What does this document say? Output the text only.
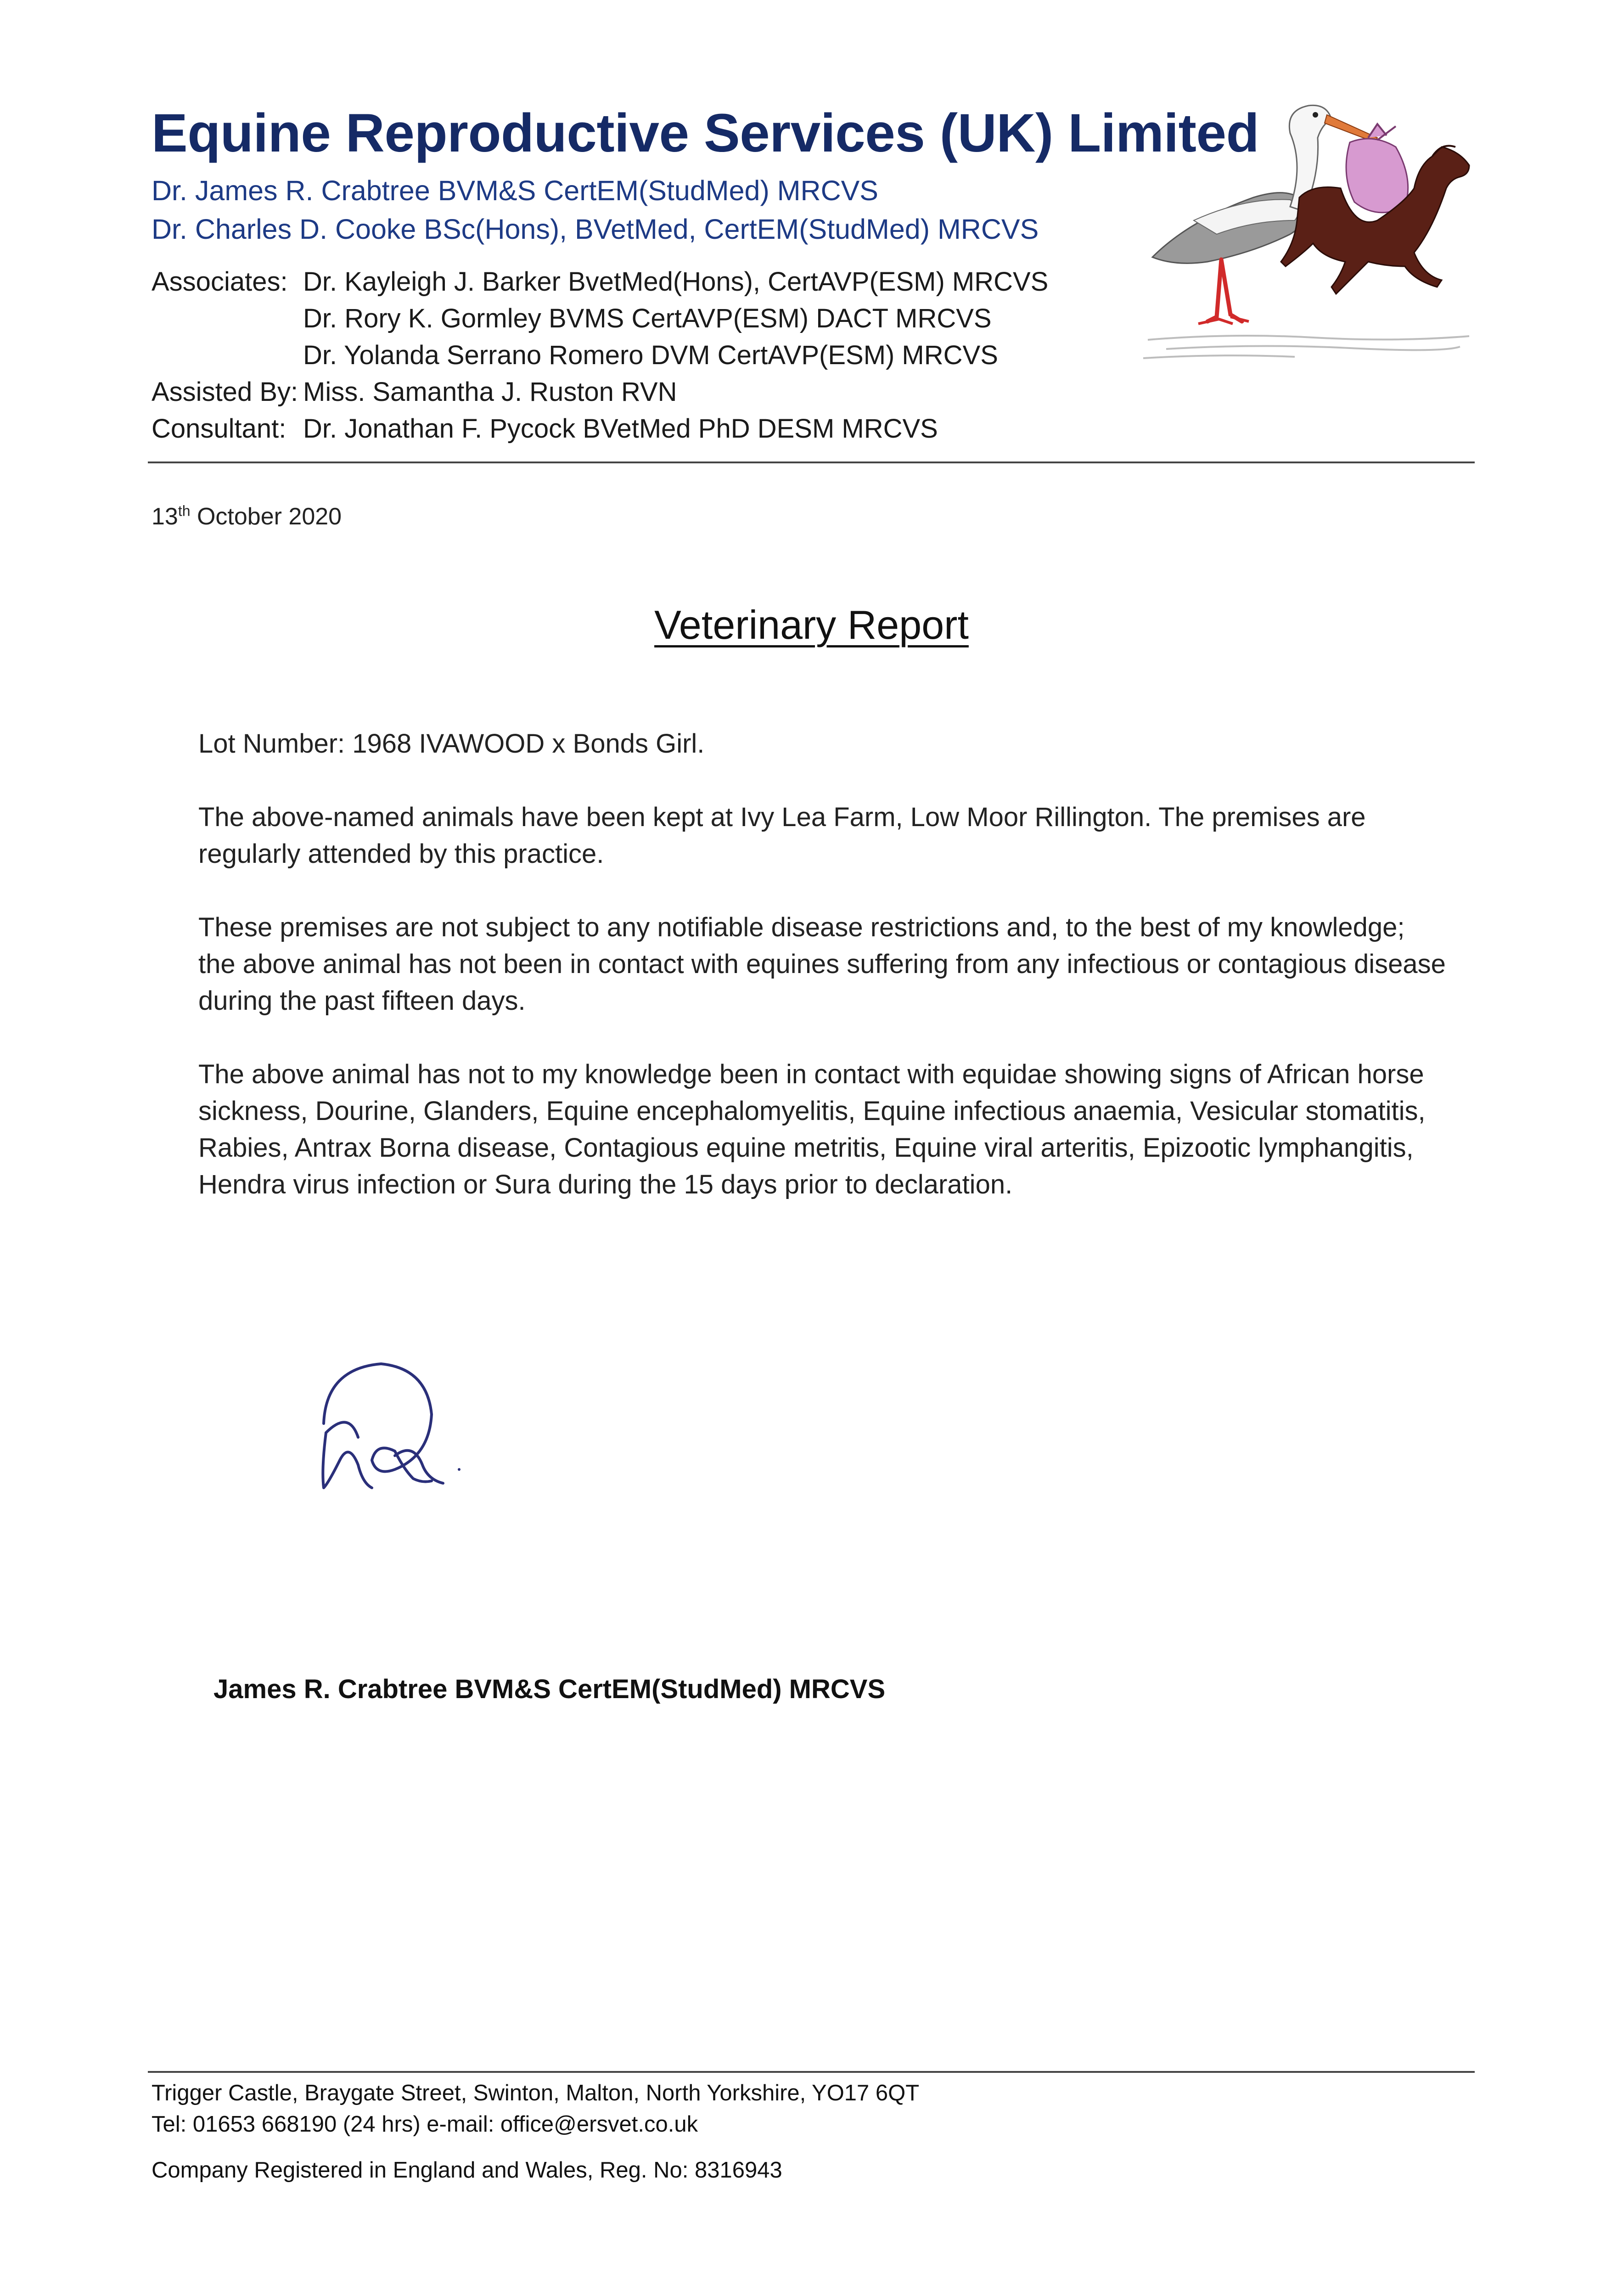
Equine Reproductive Services (UK) Limited
Dr. James R. Crabtree BVM&S CertEM(StudMed) MRCVS
Dr. Charles D. Cooke BSc(Hons), BVetMed, CertEM(StudMed) MRCVS
Associates: Dr. Kayleigh J. Barker BvetMed(Hons), CertAVP(ESM) MRCVS
Dr. Rory K. Gormley BVMS CertAVP(ESM) DACT MRCVS
Dr. Yolanda Serrano Romero DVM CertAVP(ESM) MRCVS
Assisted By: Miss. Samantha J. Ruston RVN
Consultant: Dr. Jonathan F. Pycock BVetMed PhD DESM MRCVS
13th October 2020
Veterinary Report
Lot Number: 1968 IVAWOOD x Bonds Girl.
The above-named animals have been kept at Ivy Lea Farm, Low Moor Rillington. The premises are regularly attended by this practice.
These premises are not subject to any notifiable disease restrictions and, to the best of my knowledge; the above animal has not been in contact with equines suffering from any infectious or contagious disease during the past fifteen days.
The above animal has not to my knowledge been in contact with equidae showing signs of African horse sickness, Dourine, Glanders, Equine encephalomyelitis, Equine infectious anaemia, Vesicular stomatitis, Rabies, Antrax Borna disease, Contagious equine metritis, Equine viral arteritis, Epizootic lymphangitis, Hendra virus infection or Sura during the 15 days prior to declaration.
James R. Crabtree BVM&S CertEM(StudMed) MRCVS
Trigger Castle, Braygate Street, Swinton, Malton, North Yorkshire, YO17 6QT
Tel: 01653 668190 (24 hrs) e-mail: office@ersvet.co.uk
Company Registered in England and Wales, Reg. No: 8316943
